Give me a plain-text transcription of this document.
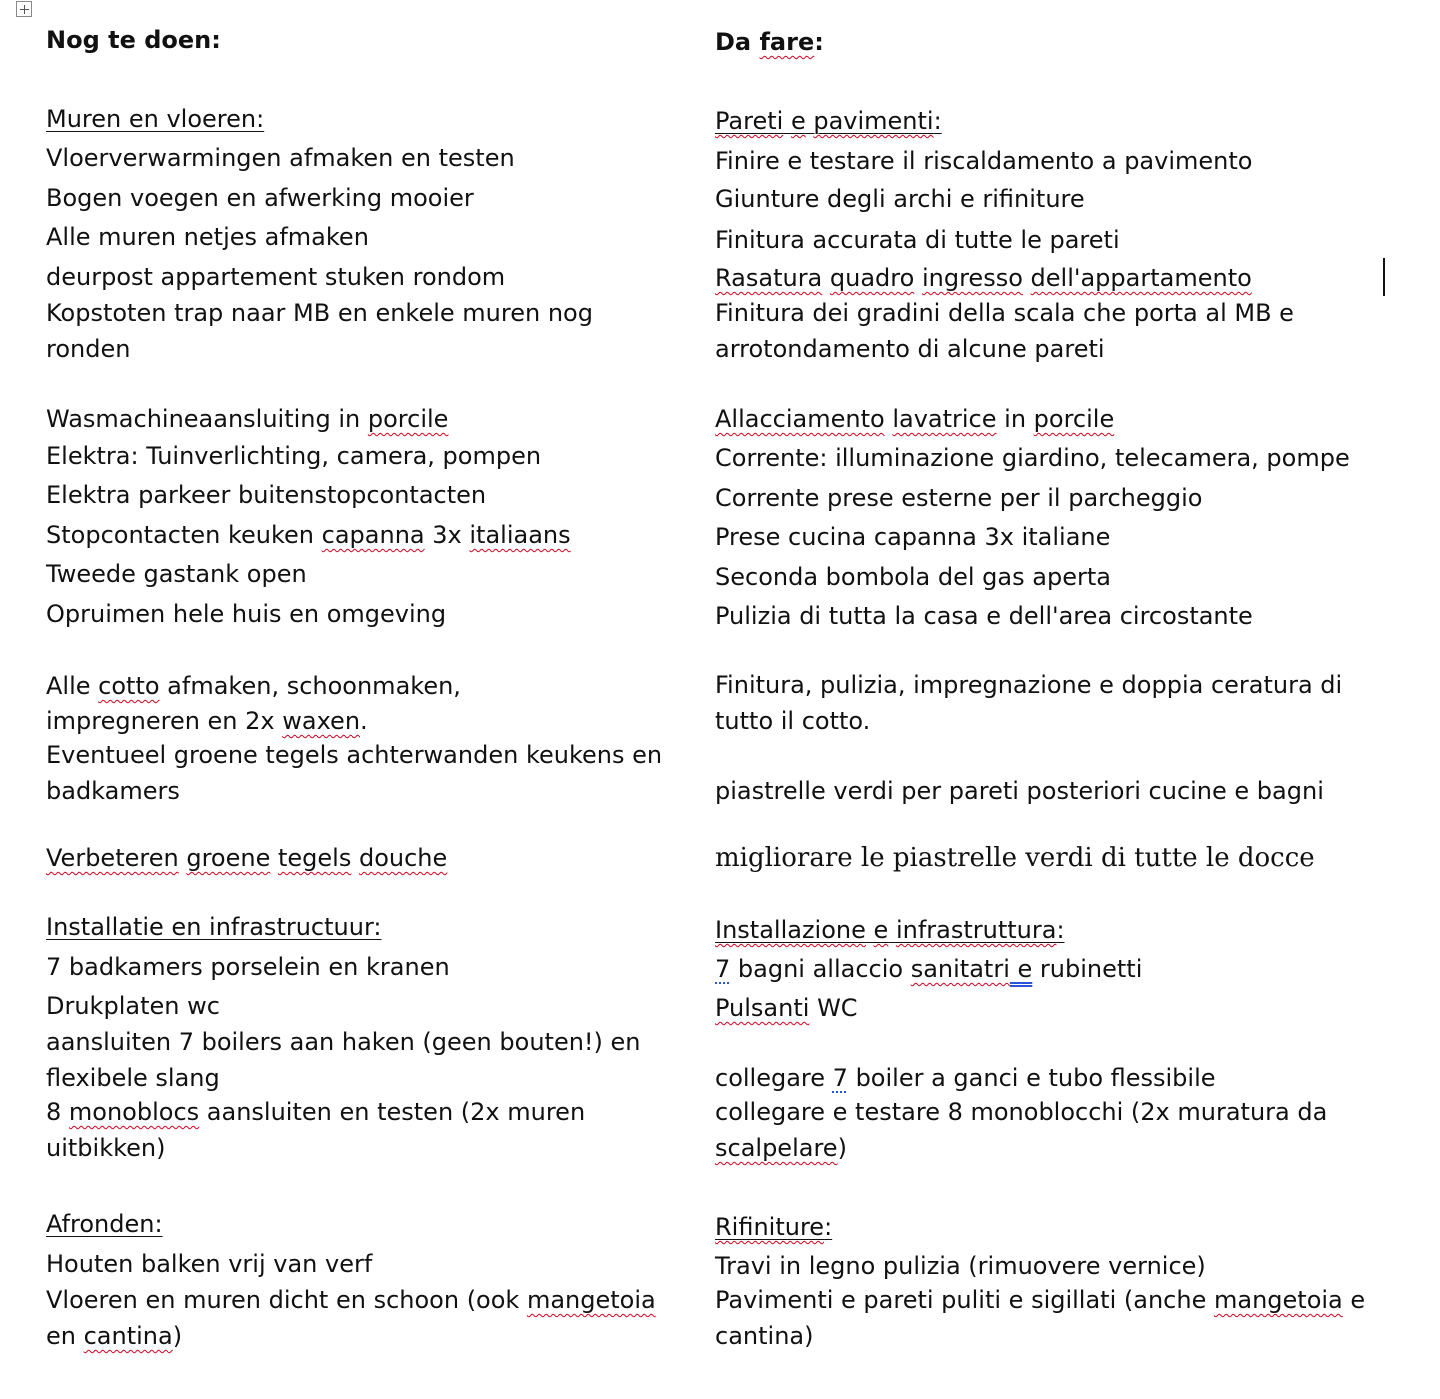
Nog te doen:
Muren en vloeren:
Vloerverwarmingen afmaken en testen
Bogen voegen en afwerking mooier
Alle muren netjes afmaken
deurpost appartement stuken rondom
Kopstoten trap naar MB en enkele muren nog
ronden
Wasmachineaansluiting in porcile
Elektra: Tuinverlichting, camera, pompen
Elektra parkeer buitenstopcontacten
Stopcontacten keuken capanna 3x italiaans
Tweede gastank open
Opruimen hele huis en omgeving
Alle cotto afmaken, schoonmaken,
impregneren en 2x waxen.
Eventueel groene tegels achterwanden keukens en
badkamers
Verbeteren groene tegels douche
Installatie en infrastructuur:
7 badkamers porselein en kranen
Drukplaten wc
aansluiten 7 boilers aan haken (geen bouten!) en
flexibele slang
8 monoblocs aansluiten en testen (2x muren
uitbikken)
Afronden:
Houten balken vrij van verf
Vloeren en muren dicht en schoon (ook mangetoia
en cantina)
Da fare:
Pareti e pavimenti:
Finire e testare il riscaldamento a pavimento
Giunture degli archi e rifiniture
Finitura accurata di tutte le pareti
Rasatura quadro ingresso dell'appartamento
Finitura dei gradini della scala che porta al MB e
arrotondamento di alcune pareti
Allacciamento lavatrice in porcile
Corrente: illuminazione giardino, telecamera, pompe
Corrente prese esterne per il parcheggio
Prese cucina capanna 3x italiane
Seconda bombola del gas aperta
Pulizia di tutta la casa e dell'area circostante
Finitura, pulizia, impregnazione e doppia ceratura di
tutto il cotto.
piastrelle verdi per pareti posteriori cucine e bagni
migliorare le piastrelle verdi di tutte le docce
Installazione e infrastruttura:
7 bagni allaccio sanitatri e rubinetti
Pulsanti WC
collegare 7 boiler a ganci e tubo flessibile
collegare e testare 8 monoblocchi (2x muratura da
scalpelare)
Rifiniture:
Travi in legno pulizia (rimuovere vernice)
Pavimenti e pareti puliti e sigillati (anche mangetoia e
cantina)
